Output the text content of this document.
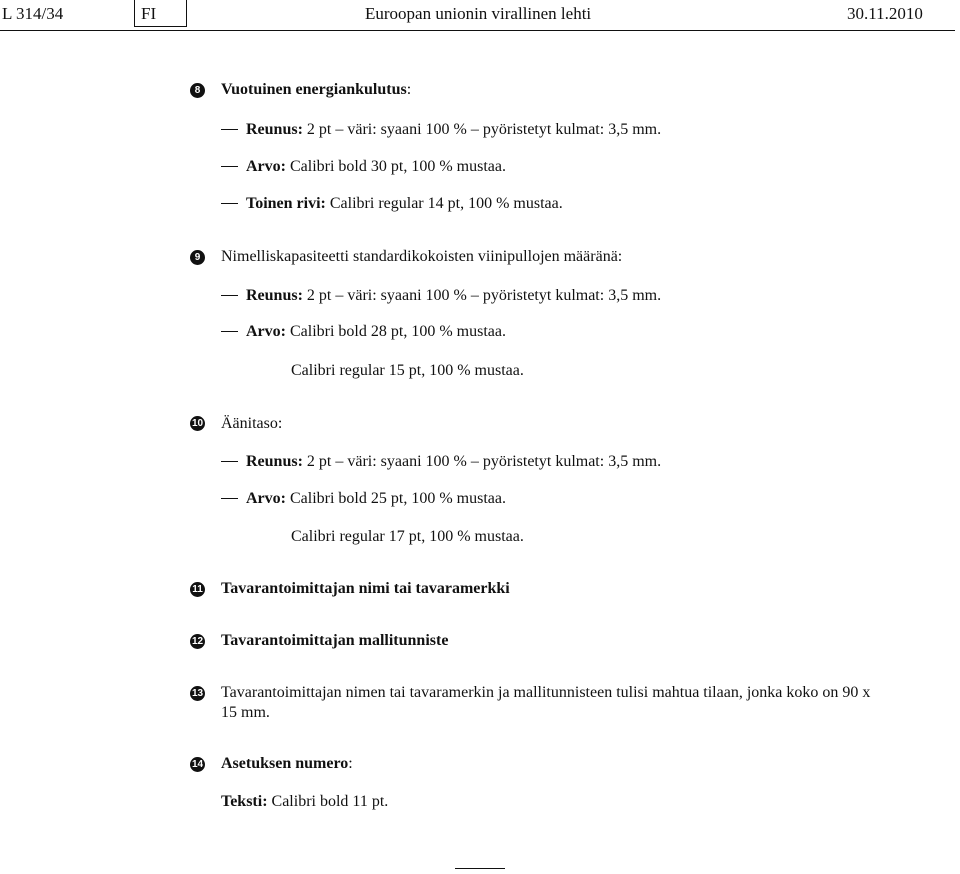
L 314/34	FI	Euroopan unionin virallinen lehti	30.11.2010
8 Vuotuinen energiankulutus:
Reunus: 2 pt – väri: syaani 100 % – pyöristetyt kulmat: 3,5 mm.
Arvo: Calibri bold 30 pt, 100 % mustaa.
Toinen rivi: Calibri regular 14 pt, 100 % mustaa.
9 Nimelliskapasiteetti standardikokoisten viinipullojen määränä:
Reunus: 2 pt – väri: syaani 100 % – pyöristetyt kulmat: 3,5 mm.
Arvo: Calibri bold 28 pt, 100 % mustaa.
Calibri regular 15 pt, 100 % mustaa.
10 Äänitaso:
Reunus: 2 pt – väri: syaani 100 % – pyöristetyt kulmat: 3,5 mm.
Arvo: Calibri bold 25 pt, 100 % mustaa.
Calibri regular 17 pt, 100 % mustaa.
11 Tavarantoimittajan nimi tai tavaramerkki
12 Tavarantoimittajan mallitunniste
13 Tavarantoimittajan nimen tai tavaramerkin ja mallitunnisteen tulisi mahtua tilaan, jonka koko on 90 x
15 mm.
14 Asetuksen numero:
Teksti: Calibri bold 11 pt.
